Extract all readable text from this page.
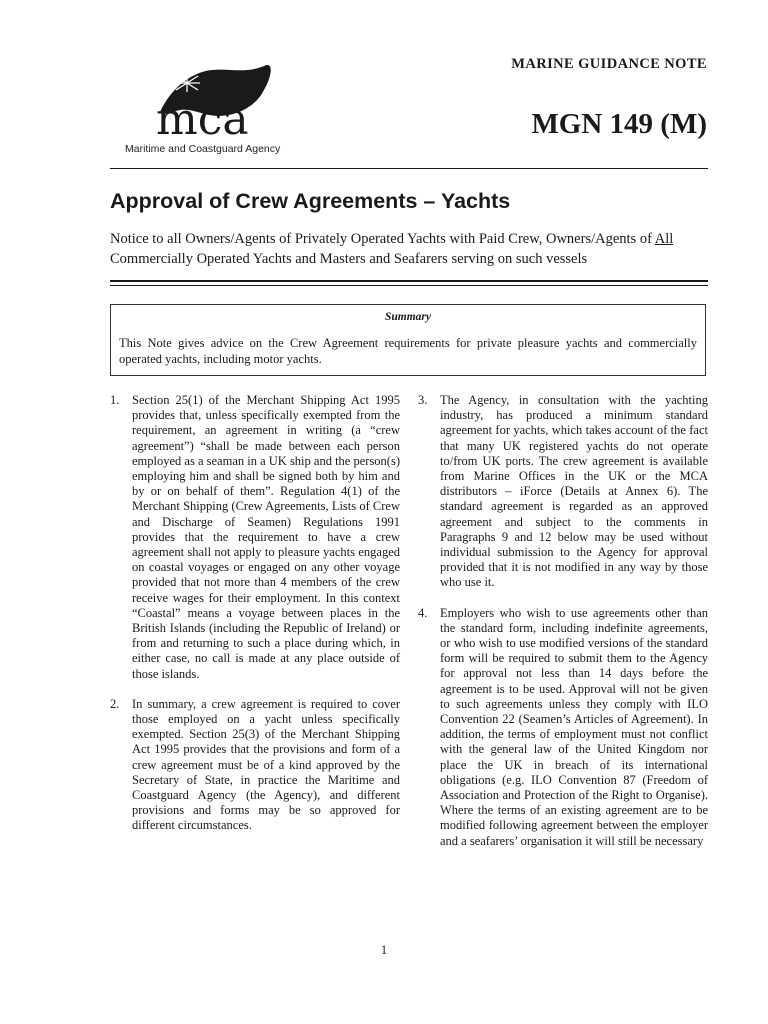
mca
Maritime and Coastguard Agency
MARINE GUIDANCE NOTE
MGN 149 (M)
Approval of Crew Agreements – Yachts
Notice to all Owners/Agents of Privately Operated Yachts with Paid Crew, Owners/Agents of All Commercially Operated Yachts and Masters and Seafarers serving on such vessels
Summary
This Note gives advice on the Crew Agreement requirements for private pleasure yachts and commercially operated yachts, including motor yachts.
1. Section 25(1) of the Merchant Shipping Act 1995 provides that, unless specifically exempted from the requirement, an agreement in writing (a “crew agreement”) “shall be made between each person employed as a seaman in a UK ship and the person(s) employing him and shall be signed both by him and by or on behalf of them”. Regulation 4(1) of the Merchant Shipping (Crew Agreements, Lists of Crew and Discharge of Seamen) Regulations 1991 provides that the requirement to have a crew agreement shall not apply to pleasure yachts engaged on coastal voyages or engaged on any other voyage provided that not more than 4 members of the crew receive wages for their employment. In this context “Coastal” means a voyage between places in the British Islands (including the Republic of Ireland) or from and returning to such a place during which, in either case, no call is made at any place outside of those islands.
2. In summary, a crew agreement is required to cover those employed on a yacht unless specifically exempted. Section 25(3) of the Merchant Shipping Act 1995 provides that the provisions and form of a crew agreement must be of a kind approved by the Secretary of State, in practice the Maritime and Coastguard Agency (the Agency), and different provisions and forms may be so approved for different circumstances.
3. The Agency, in consultation with the yachting industry, has produced a minimum standard agreement for yachts, which takes account of the fact that many UK registered yachts do not operate to/from UK ports. The crew agreement is available from Marine Offices in the UK or the MCA distributors – iForce (Details at Annex 6). The standard agreement is regarded as an approved agreement and subject to the comments in Paragraphs 9 and 12 below may be used without individual submission to the Agency for approval provided that it is not modified in any way by those who use it.
4. Employers who wish to use agreements other than the standard form, including indefinite agreements, or who wish to use modified versions of the standard form will be required to submit them to the Agency for approval not less than 14 days before the agreement is to be used. Approval will not be given to such agreements unless they comply with ILO Convention 22 (Seamen’s Articles of Agreement). In addition, the terms of employment must not conflict with the general law of the United Kingdom nor place the UK in breach of its international obligations (e.g. ILO Convention 87 (Freedom of Association and Protection of the Right to Organise). Where the terms of an existing agreement are to be modified following agreement between the employer and a seafarers’ organisation it will still be necessary
1
